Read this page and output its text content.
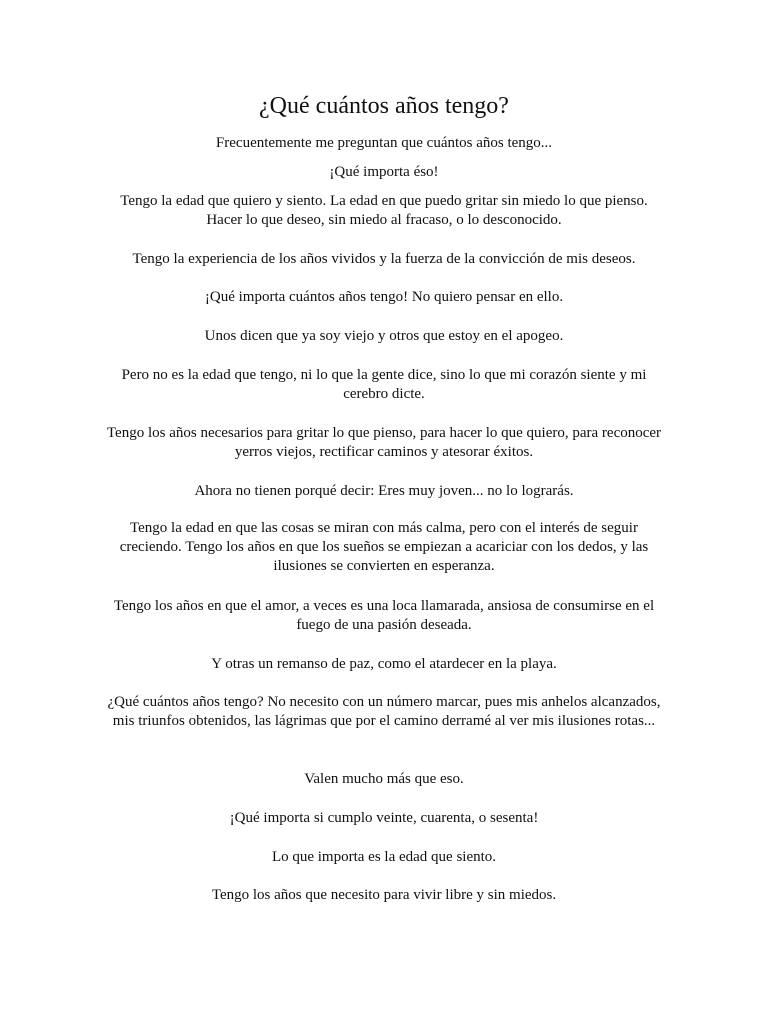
¿Qué cuántos años tengo?

Frecuentemente me preguntan que cuántos años tengo...

¡Qué importa éso!

Tengo la edad que quiero y siento. La edad en que puedo gritar sin miedo lo que pienso. Hacer lo que deseo, sin miedo al fracaso, o lo desconocido.

Tengo la experiencia de los años vividos y la fuerza de la convicción de mis deseos.

¡Qué importa cuántos años tengo! No quiero pensar en ello.

Unos dicen que ya soy viejo y otros que estoy en el apogeo.

Pero no es la edad que tengo, ni lo que la gente dice, sino lo que mi corazón siente y mi cerebro dicte.

Tengo los años necesarios para gritar lo que pienso, para hacer lo que quiero, para reconocer yerros viejos, rectificar caminos y atesorar éxitos.

Ahora no tienen porqué decir: Eres muy joven... no lo lograrás.

Tengo la edad en que las cosas se miran con más calma, pero con el interés de seguir creciendo. Tengo los años en que los sueños se empiezan a acariciar con los dedos, y las ilusiones se convierten en esperanza.

Tengo los años en que el amor, a veces es una loca llamarada, ansiosa de consumirse en el fuego de una pasión deseada.

Y otras un remanso de paz, como el atardecer en la playa.

¿Qué cuántos años tengo? No necesito con un número marcar, pues mis anhelos alcanzados, mis triunfos obtenidos, las lágrimas que por el camino derramé al ver mis ilusiones rotas...

Valen mucho más que eso.

¡Qué importa si cumplo veinte, cuarenta, o sesenta!

Lo que importa es la edad que siento.

Tengo los años que necesito para vivir libre y sin miedos.
